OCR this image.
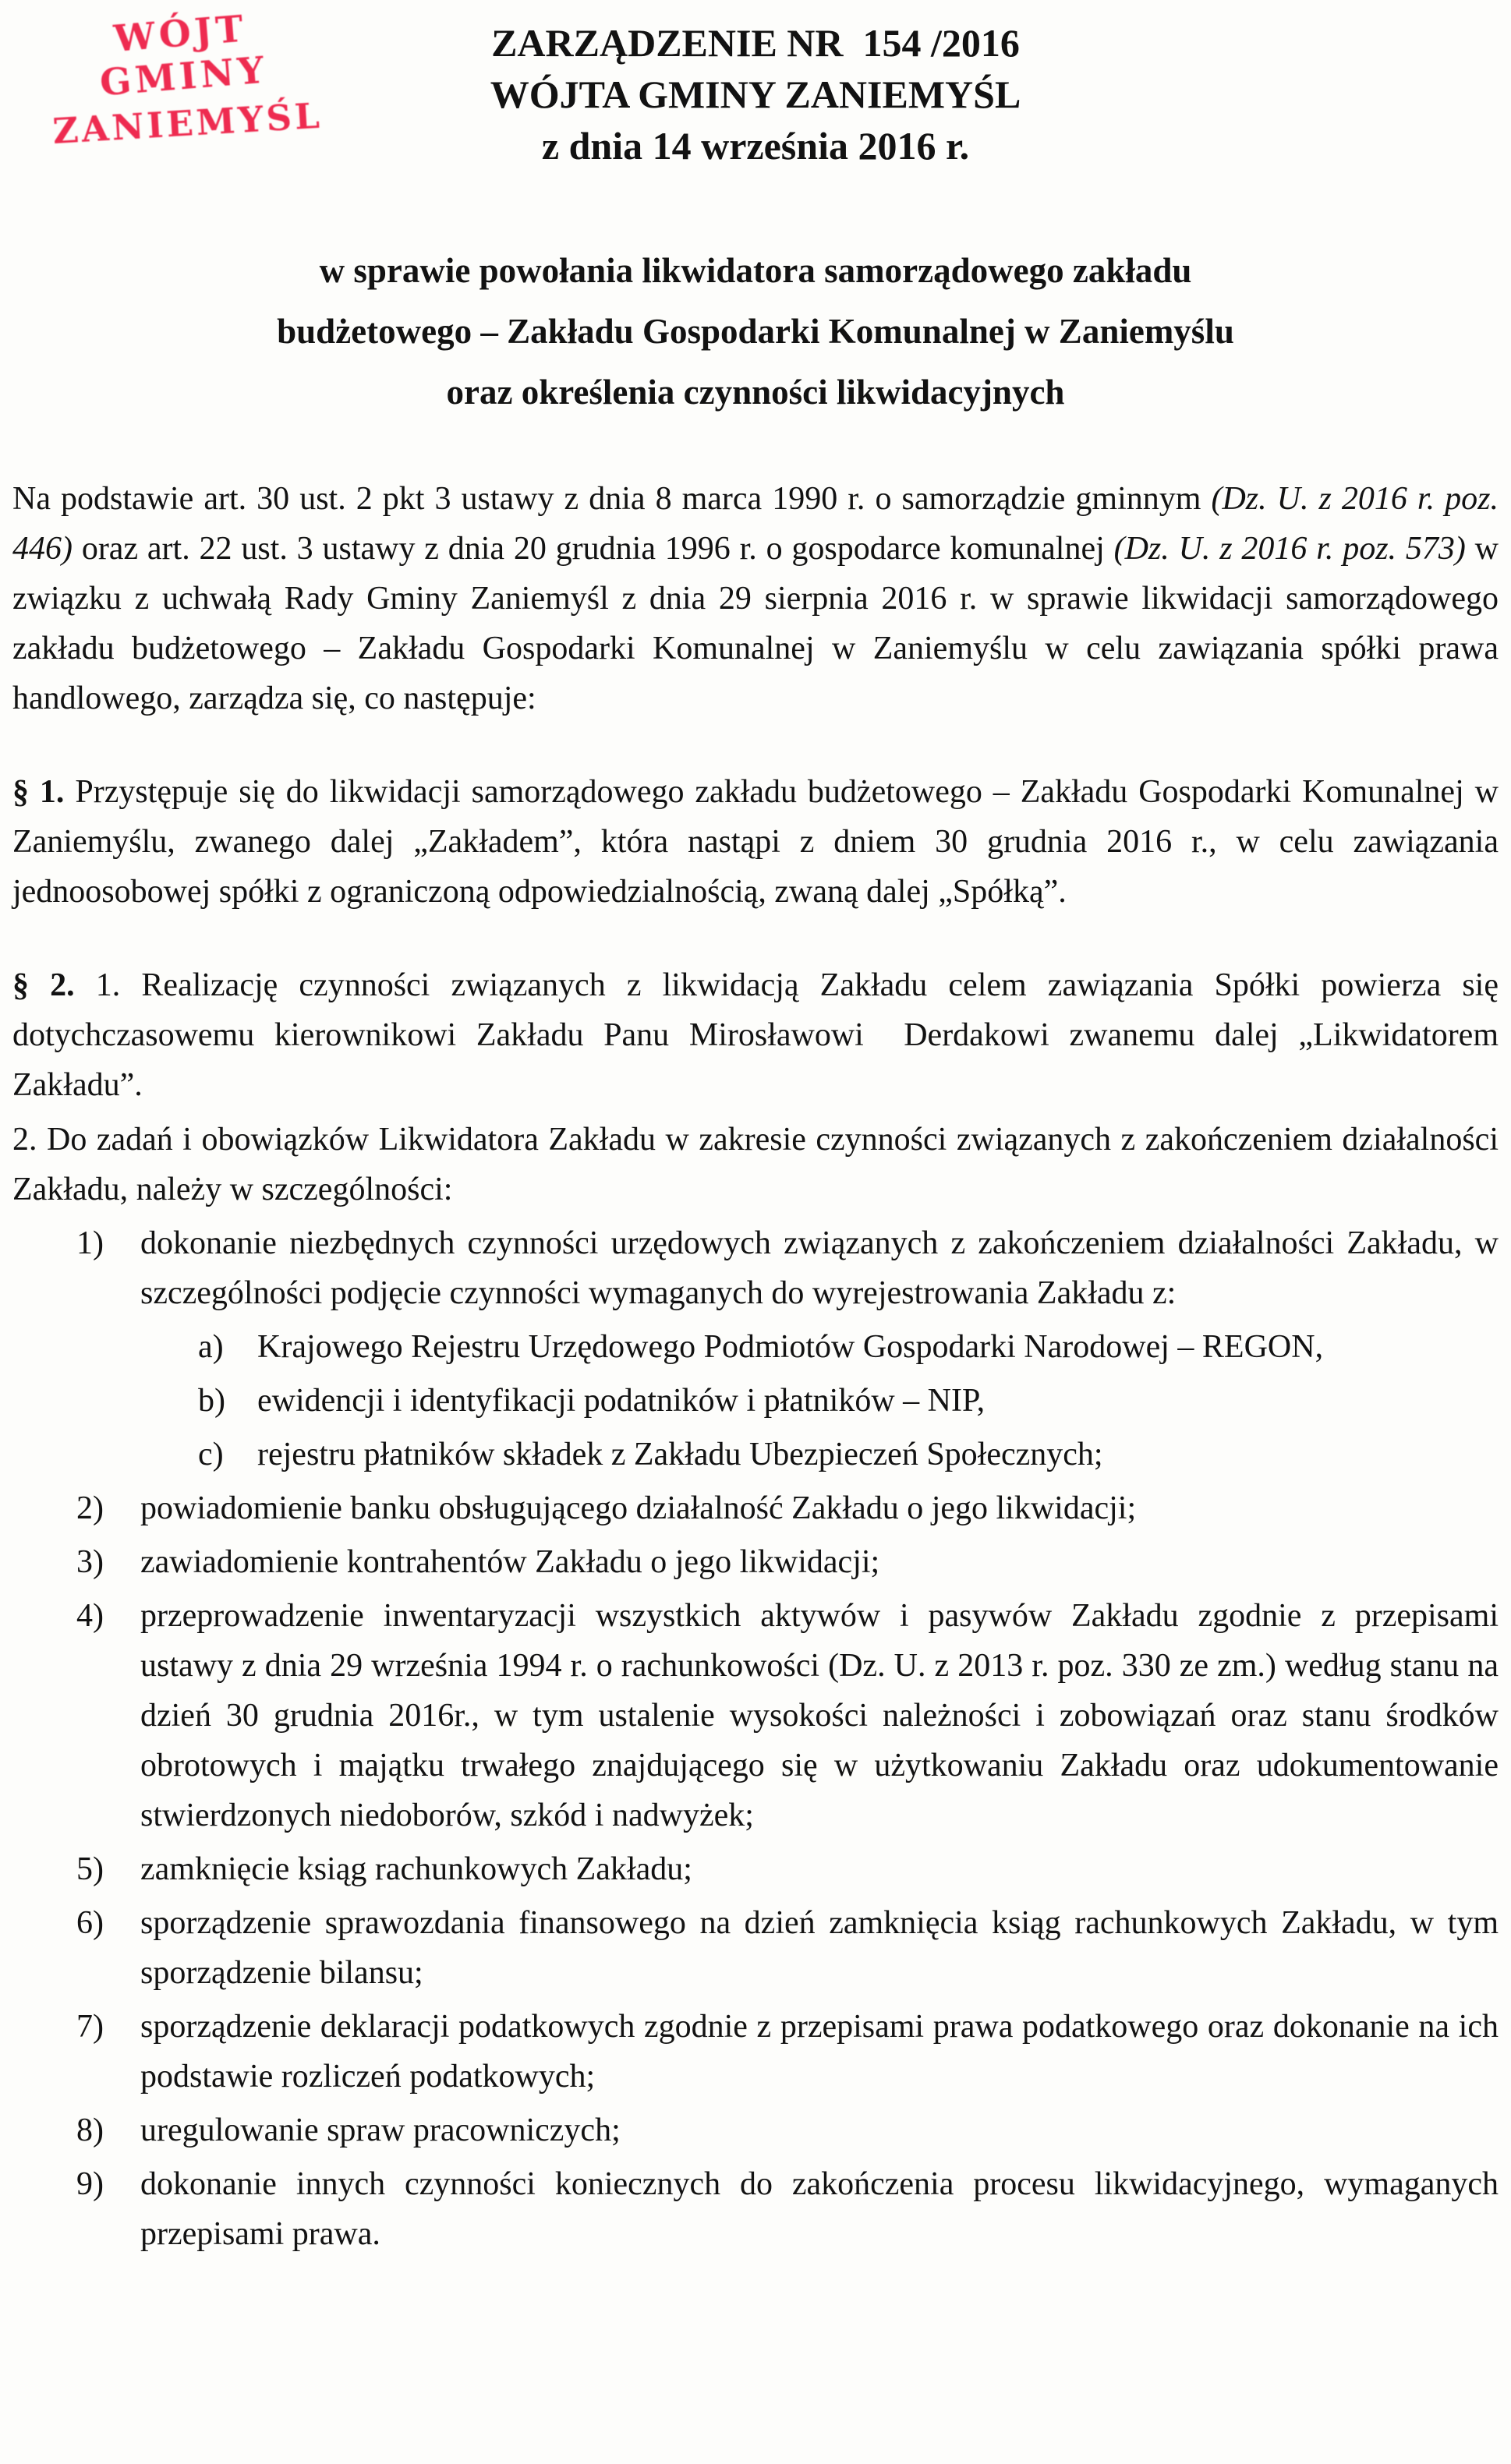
WÓJT GMINY
ZANIEMYŚL
ZARZĄDZENIE NR  154 /2016
WÓJTA GMINY ZANIEMYŚL
z dnia 14 września 2016 r.
w sprawie powołania likwidatora samorządowego zakładu
budżetowego – Zakładu Gospodarki Komunalnej w Zaniemyślu
oraz określenia czynności likwidacyjnych

Na podstawie art. 30 ust. 2 pkt 3 ustawy z dnia 8 marca 1990 r. o samorządzie gminnym (Dz. U. z 2016 r. poz. 446) oraz art. 22 ust. 3 ustawy z dnia 20 grudnia 1996 r. o gospodarce komunalnej (Dz. U. z 2016 r. poz. 573) w związku z uchwałą Rady Gminy Zaniemyśl z dnia 29 sierpnia 2016 r. w sprawie likwidacji samorządowego zakładu budżetowego – Zakładu Gospodarki Komunalnej w Zaniemyślu w celu zawiązania spółki prawa handlowego, zarządza się, co następuje:

§ 1. Przystępuje się do likwidacji samorządowego zakładu budżetowego – Zakładu Gospodarki Komunalnej w Zaniemyślu, zwanego dalej „Zakładem”, która nastąpi z dniem 30 grudnia 2016 r., w celu zawiązania jednoosobowej spółki z ograniczoną odpowiedzialnością, zwaną dalej „Spółką”.

§ 2. 1. Realizację czynności związanych z likwidacją Zakładu celem zawiązania Spółki powierza się dotychczasowemu kierownikowi Zakładu Panu Mirosławowi  Derdakowi zwanemu dalej „Likwidatorem Zakładu”.

2. Do zadań i obowiązków Likwidatora Zakładu w zakresie czynności związanych z zakończeniem działalności Zakładu, należy w szczególności:

1) dokonanie niezbędnych czynności urzędowych związanych z zakończeniem działalności Zakładu, w szczególności podjęcie czynności wymaganych do wyrejestrowania Zakładu z:
a) Krajowego Rejestru Urzędowego Podmiotów Gospodarki Narodowej – REGON,
b) ewidencji i identyfikacji podatników i płatników – NIP,
c) rejestru płatników składek z Zakładu Ubezpieczeń Społecznych;
2) powiadomienie banku obsługującego działalność Zakładu o jego likwidacji;
3) zawiadomienie kontrahentów Zakładu o jego likwidacji;
4) przeprowadzenie inwentaryzacji wszystkich aktywów i pasywów Zakładu zgodnie z przepisami ustawy z dnia 29 września 1994 r. o rachunkowości (Dz. U. z 2013 r. poz. 330 ze zm.) według stanu na dzień 30 grudnia 2016r., w tym ustalenie wysokości należności i zobowiązań oraz stanu środków obrotowych i majątku trwałego znajdującego się w użytkowaniu Zakładu oraz udokumentowanie stwierdzonych niedoborów, szkód i nadwyżek;
5) zamknięcie ksiąg rachunkowych Zakładu;
6) sporządzenie sprawozdania finansowego na dzień zamknięcia ksiąg rachunkowych Zakładu, w tym sporządzenie bilansu;
7) sporządzenie deklaracji podatkowych zgodnie z przepisami prawa podatkowego oraz dokonanie na ich podstawie rozliczeń podatkowych;
8) uregulowanie spraw pracowniczych;
9) dokonanie innych czynności koniecznych do zakończenia procesu likwidacyjnego, wymaganych przepisami prawa.
